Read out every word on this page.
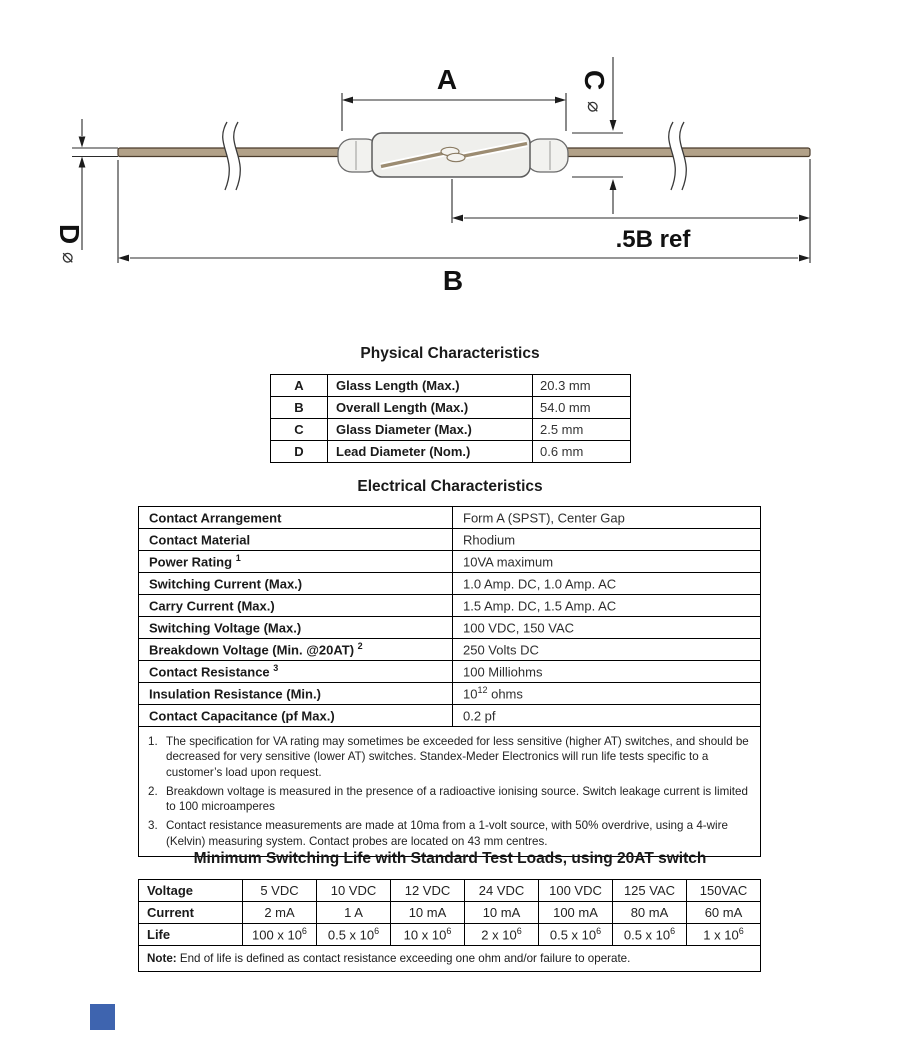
A	C
⌀
.5B ref
B
D
⌀
Physical Characteristics
A	Glass Length (Max.)	20.3 mm
B	Overall Length (Max.)	54.0 mm
C	Glass Diameter (Max.)	2.5 mm
D	Lead Diameter (Nom.)	0.6 mm
Electrical Characteristics
Contact Arrangement	Form A (SPST), Center Gap
Contact Material	Rhodium
Power Rating $^1$	10VA maximum
Switching Current (Max.)	1.0 Amp. DC, 1.0 Amp. AC
Carry Current (Max.)	1.5 Amp. DC, 1.5 Amp. AC
Switching Voltage (Max.)	100 VDC, 150 VAC
Breakdown Voltage (Min. @20AT) $^2$	250 Volts DC
Contact Resistance $^3$	100 Milliohms
Insulation Resistance (Min.)	$10^{12}$ ohms
Contact Capacitance (pf Max.)	0.2 pf

1. The specification for VA rating may sometimes be exceeded for less sensitive (higher AT) switches, and should be decreased for very sensitive (lower AT) switches. Standex-Meder Electronics will run life tests specific to a customer’s load upon request.
2. Breakdown voltage is measured in the presence of a radioactive ionising source. Switch leakage current is limited to 100 microamperes
3. Contact resistance measurements are made at 10ma from a 1-volt source, with 50% overdrive, using a 4-wire (Kelvin) measuring system. Contact probes are located on 43 mm centres.
Minimum Switching Life with Standard Test Loads, using 20AT switch
Voltage	5 VDC	10 VDC	12 VDC	24 VDC	100 VDC	125 VAC	150VAC
Current	2 mA	1 A	10 mA	10 mA	100 mA	80 mA	60 mA
Life	100 x $10^6$	0.5 x $10^6$	10 x $10^6$	2 x $10^6$	0.5 x $10^6$	0.5 x $10^6$	1 x $10^6$
Note: End of life is defined as contact resistance exceeding one ohm and/or failure to operate.							
